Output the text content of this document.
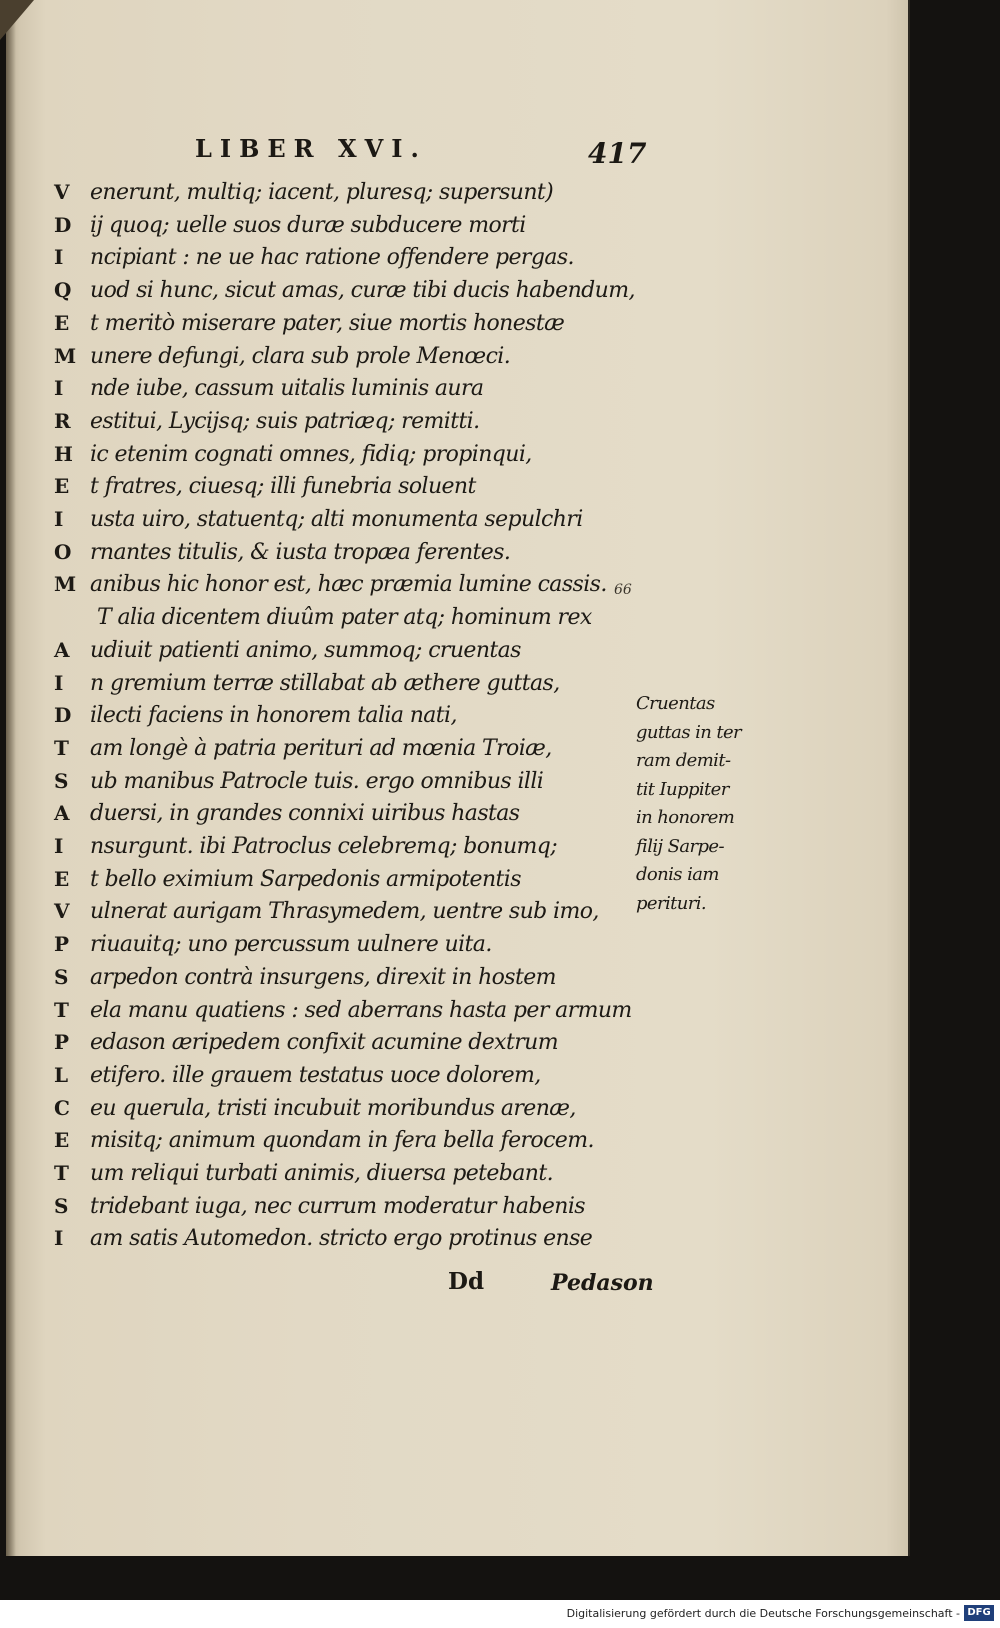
LIBER XVI.	417
V enerunt, multiq; iacent, pluresq; supersunt)
D ij quoq; uelle suos duræ subducere morti
I ncipiant : ne ue hac ratione offendere pergas.
Q uod si hunc, sicut amas, curæ tibi ducis habendum,
E t meritò miserare pater, siue mortis honestæ
M unere defungi, clara sub prole Menœci.
I nde iube, cassum uitalis luminis aura
R estitui, Lycijsq; suis patriæq; remitti.
H ic etenim cognati omnes, fidiq; propinqui,
E t fratres, ciuesq; illi funebria soluent
I usta uiro, statuentq; alti monumenta sepulchri
O rnantes titulis, & iusta tropæa ferentes.
M anibus hic honor est, hæc præmia lumine cassis.
T alia dicentem diuûm pater atq; hominum rex
A udiuit patienti animo, summoq; cruentas
I n gremium terræ stillabat ab æthere guttas,
D ilecti faciens in honorem talia nati,
T am longè à patria perituri ad mœnia Troiæ,
S ub manibus Patrocle tuis. ergo omnibus illi
A duersi, in grandes connixi uiribus hastas
I nsurgunt. ibi Patroclus celebremq; bonumq;
E t bello eximium Sarpedonis armipotentis
V ulnerat aurigam Thrasymedem, uentre sub imo,
P riuauitq; uno percussum uulnere uita.
S arpedon contrà insurgens, direxit in hostem
T ela manu quatiens : sed aberrans hasta per armum
P edason æripedem confixit acumine dextrum
L etifero. ille grauem testatus uoce dolorem,
C eu querula, tristi incubuit moribundus arenæ,
E misitq; animum quondam in fera bella ferocem.
T um reliqui turbati animis, diuersa petebant.
S tridebant iuga, nec currum moderatur habenis
I am satis Automedon. stricto ergo protinus ense
66
Cruentas
guttas in ter
ram demit-
tit Iuppiter
in honorem
filij Sarpe-
donis iam
perituri.
Dd	Pedason
Digitalisierung gefördert durch die Deutsche Forschungsgemeinschaft - DFG
